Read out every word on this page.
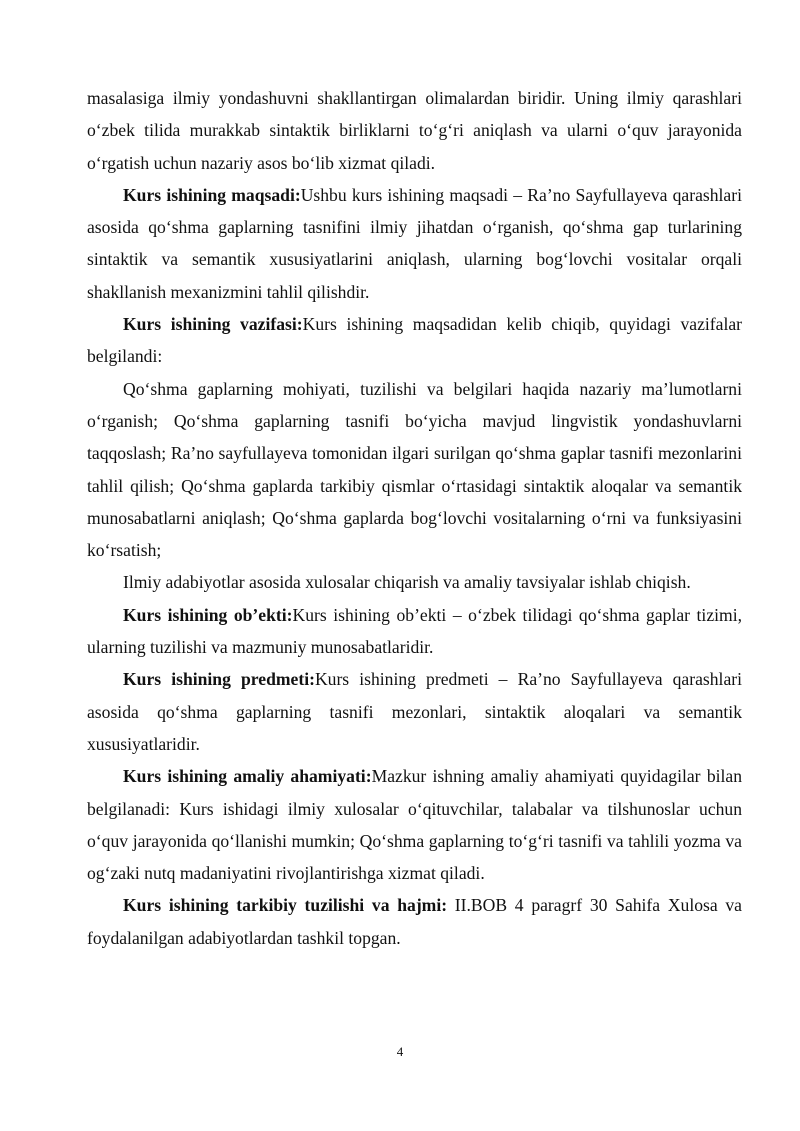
masalasiga ilmiy yondashuvni shakllantirgan olimalardan biridir. Uning ilmiy qarashlari o‘zbek tilida murakkab sintaktik birliklarni to‘g‘ri aniqlash va ularni o‘quv jarayonida o‘rgatish uchun nazariy asos bo‘lib xizmat qiladi.

Kurs ishining maqsadi:Ushbu kurs ishining maqsadi – Ra’no Sayfullayeva qarashlari asosida qo‘shma gaplarning tasnifini ilmiy jihatdan o‘rganish, qo‘shma gap turlarining sintaktik va semantik xususiyatlarini aniqlash, ularning bog‘lovchi vositalar orqali shakllanish mexanizmini tahlil qilishdir.

Kurs ishining vazifasi:Kurs ishining maqsadidan kelib chiqib, quyidagi vazifalar belgilandi:

Qo‘shma gaplarning mohiyati, tuzilishi va belgilari haqida nazariy ma’lumotlarni o‘rganish; Qo‘shma gaplarning tasnifi bo‘yicha mavjud lingvistik yondashuvlarni taqqoslash; Ra’no sayfullayeva tomonidan ilgari surilgan qo‘shma gaplar tasnifi mezonlarini tahlil qilish; Qo‘shma gaplarda tarkibiy qismlar o‘rtasidagi sintaktik aloqalar va semantik munosabatlarni aniqlash; Qo‘shma gaplarda bog‘lovchi vositalarning o‘rni va funksiyasini ko‘rsatish;

Ilmiy adabiyotlar asosida xulosalar chiqarish va amaliy tavsiyalar ishlab chiqish.

Kurs ishining ob’ekti:Kurs ishining ob’ekti – o‘zbek tilidagi qo‘shma gaplar tizimi, ularning tuzilishi va mazmuniy munosabatlaridir.

Kurs ishining predmeti:Kurs ishining predmeti – Ra’no Sayfullayeva qarashlari asosida qo‘shma gaplarning tasnifi mezonlari, sintaktik aloqalari va semantik xususiyatlaridir.

Kurs ishining amaliy ahamiyati:Mazkur ishning amaliy ahamiyati quyidagilar bilan belgilanadi: Kurs ishidagi ilmiy xulosalar o‘qituvchilar, talabalar va tilshunoslar uchun o‘quv jarayonida qo‘llanishi mumkin; Qo‘shma gaplarning to‘g‘ri tasnifi va tahlili yozma va og‘zaki nutq madaniyatini rivojlantirishga xizmat qiladi.

Kurs ishining tarkibiy tuzilishi va hajmi: II.BOB 4 paragrf 30 Sahifa Xulosa va foydalanilgan adabiyotlardan tashkil topgan.

4
